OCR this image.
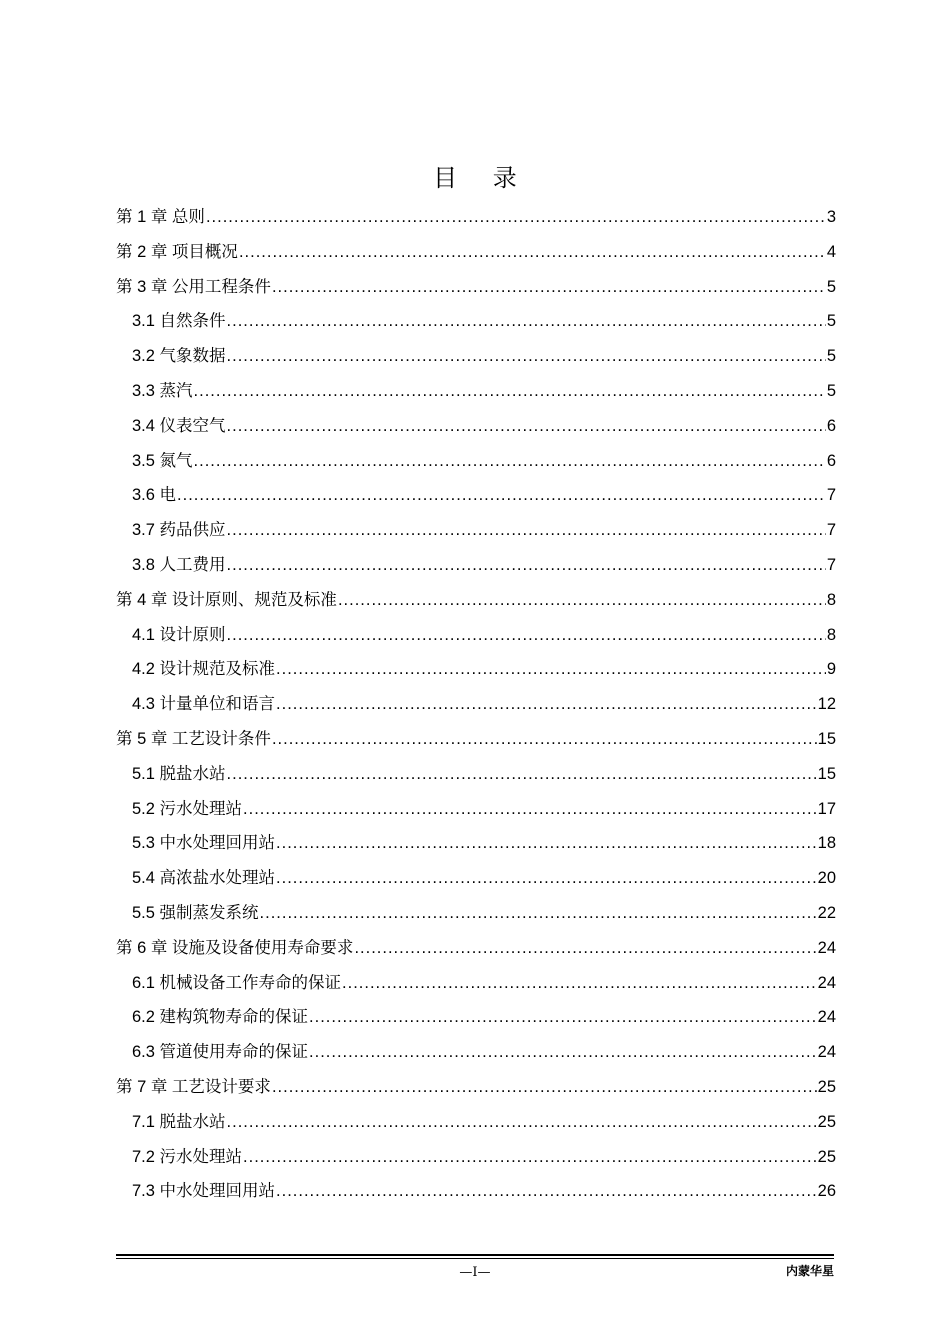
目 录
第 1 章 总则 .....	3
第 2 章 项目概况 .....	4
第 3 章 公用工程条件 .....	5
3.1 自然条件 .....	5
3.2 气象数据 .....	5
3.3 蒸汽 .....	5
3.4 仪表空气 .....	6
3.5 氮气 .....	6
3.6 电 .....	7
3.7 药品供应 .....	7
3.8 人工费用 .....	7
第 4 章 设计原则、规范及标准 .....	8
4.1 设计原则 .....	8
4.2 设计规范及标准 .....	9
4.3 计量单位和语言 .....	12
第 5 章 工艺设计条件 .....	15
5.1 脱盐水站 .....	15
5.2 污水处理站 .....	17
5.3 中水处理回用站 .....	18
5.4 高浓盐水处理站 .....	20
5.5 强制蒸发系统 .....	22
第 6 章 设施及设备使用寿命要求 .....	24
6.1 机械设备工作寿命的保证 .....	24
6.2 建构筑物寿命的保证 .....	24
6.3 管道使用寿命的保证 .....	24
第 7 章 工艺设计要求 .....	25
7.1 脱盐水站 .....	25
7.2 污水处理站 .....	25
7.3 中水处理回用站 .....	26
—I—	内蒙华星
